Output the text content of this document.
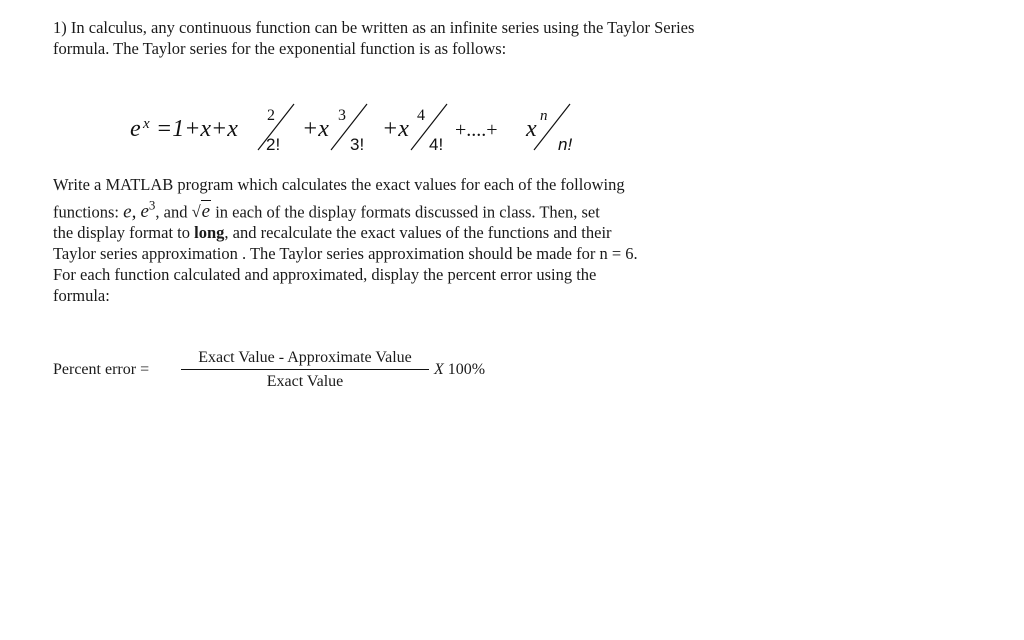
1) In calculus, any continuous function can be written as an infinite series using the Taylor Series formula. The Taylor series for the exponential function is as follows:

e x =1+x+x
2
2!
+x
3
3!
+x
4
4!
+....+ x n
n!
Write a MATLAB program which calculates the exact values for each of the following
functions: e, $e^3$, and √e in each of the display formats discussed in class. Then, set
the display format to long, and recalculate the exact values of the functions and their
Taylor series approximation . The Taylor series approximation should be made for n = 6.
For each function calculated and approximated, display the percent error using the
formula:
Percent error =
Exact Value - Approximate Value
Exact Value
X 100%
